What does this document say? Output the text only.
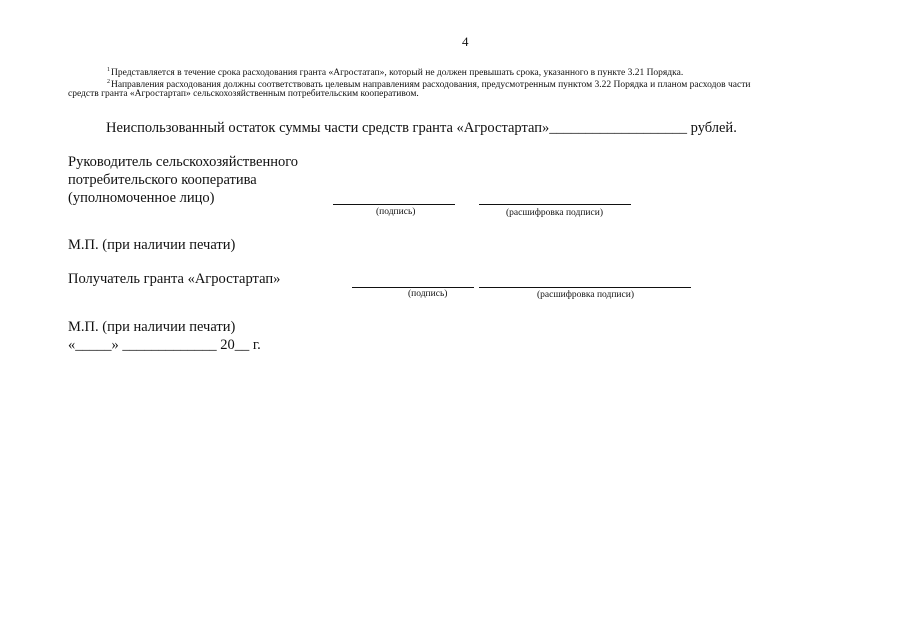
4
$^1$Представляется в течение срока расходования гранта «Агростатап», который не должен превышать срока, указанного в пункте 3.21 Порядка.
$^2$Направления расходования должны соответствовать целевым направлениям расходования, предусмотренным пунктом 3.22 Порядка и планом расходов части
средств гранта «Агростартап» сельскохозяйственным потребительским кооперативом.
Неиспользованный остаток суммы части средств гранта «Агростартап»___________________ рублей.
Руководитель сельскохозяйственного
потребительского кооператива
(уполномоченное лицо)
(подпись)	(расшифровка подписи)
М.П. (при наличии печати)
Получатель гранта «Агростартап»
(подпись)	(расшифровка подписи)
М.П. (при наличии печати)
«_____» _____________ 20__ г.
